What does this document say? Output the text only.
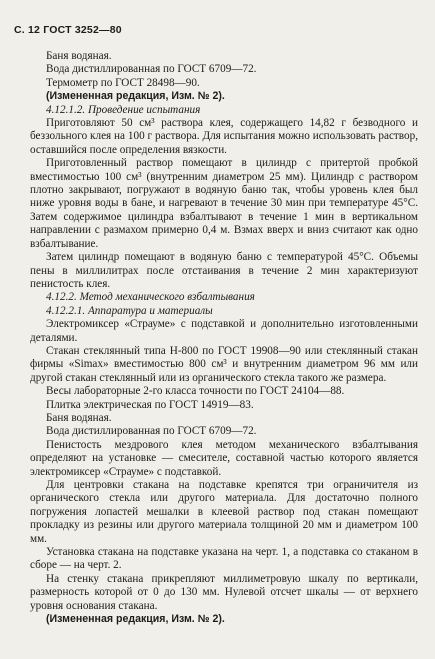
С. 12 ГОСТ 3252—80

Баня водяная.

Вода дистиллированная по ГОСТ 6709—72.

Термометр по ГОСТ 28498—90.

(Измененная редакция, Изм. № 2).

4.12.1.2. Проведение испытания

Приготовляют 50 см³ раствора клея, содержащего 14,82 г безводного и беззольного клея на 100 г раствора. Для испытания можно использовать раствор, оставшийся после определения вязкости.

Приготовленный раствор помещают в цилиндр с притертой пробкой вместимостью 100 см³ (внутренним диаметром 25 мм). Цилиндр с раствором плотно закрывают, погружают в водяную баню так, чтобы уровень клея был ниже уровня воды в бане, и нагревают в течение 30 мин при температуре 45°С. Затем содержимое цилиндра взбалтывают в течение 1 мин в вертикальном направлении с размахом примерно 0,4 м. Взмах вверх и вниз считают как одно взбалтывание.

Затем цилиндр помещают в водяную баню с температурой 45°С. Объемы пены в миллилитрах после отстаивания в течение 2 мин характеризуют пенистость клея.

4.12.2. Метод механического взбалтывания

4.12.2.1. Аппаратура и материалы

Электромиксер «Страуме» с подставкой и дополнительно изготовленными деталями.

Стакан стеклянный типа Н-800 по ГОСТ 19908—90 или стеклянный стакан фирмы «Simax» вместимостью 800 см³ и внутренним диаметром 96 мм или другой стакан стеклянный или из органического стекла такого же размера.

Весы лабораторные 2-го класса точности по ГОСТ 24104—88.

Плитка электрическая по ГОСТ 14919—83.

Баня водяная.

Вода дистиллированная по ГОСТ 6709—72.

Пенистость мездрового клея методом механического взбалтывания определяют на установке — смесителе, составной частью которого является электромиксер «Страуме» с подставкой.

Для центровки стакана на подставке крепятся три ограничителя из органического стекла или другого материала. Для достаточно полного погружения лопастей мешалки в клеевой раствор под стакан помещают прокладку из резины или другого материала толщиной 20 мм и диаметром 100 мм.

Установка стакана на подставке указана на черт. 1, а подставка со стаканом в сборе — на черт. 2.

На стенку стакана прикрепляют миллиметровую шкалу по вертикали, размерность которой от 0 до 130 мм. Нулевой отсчет шкалы — от верхнего уровня основания стакана.

(Измененная редакция, Изм. № 2).
